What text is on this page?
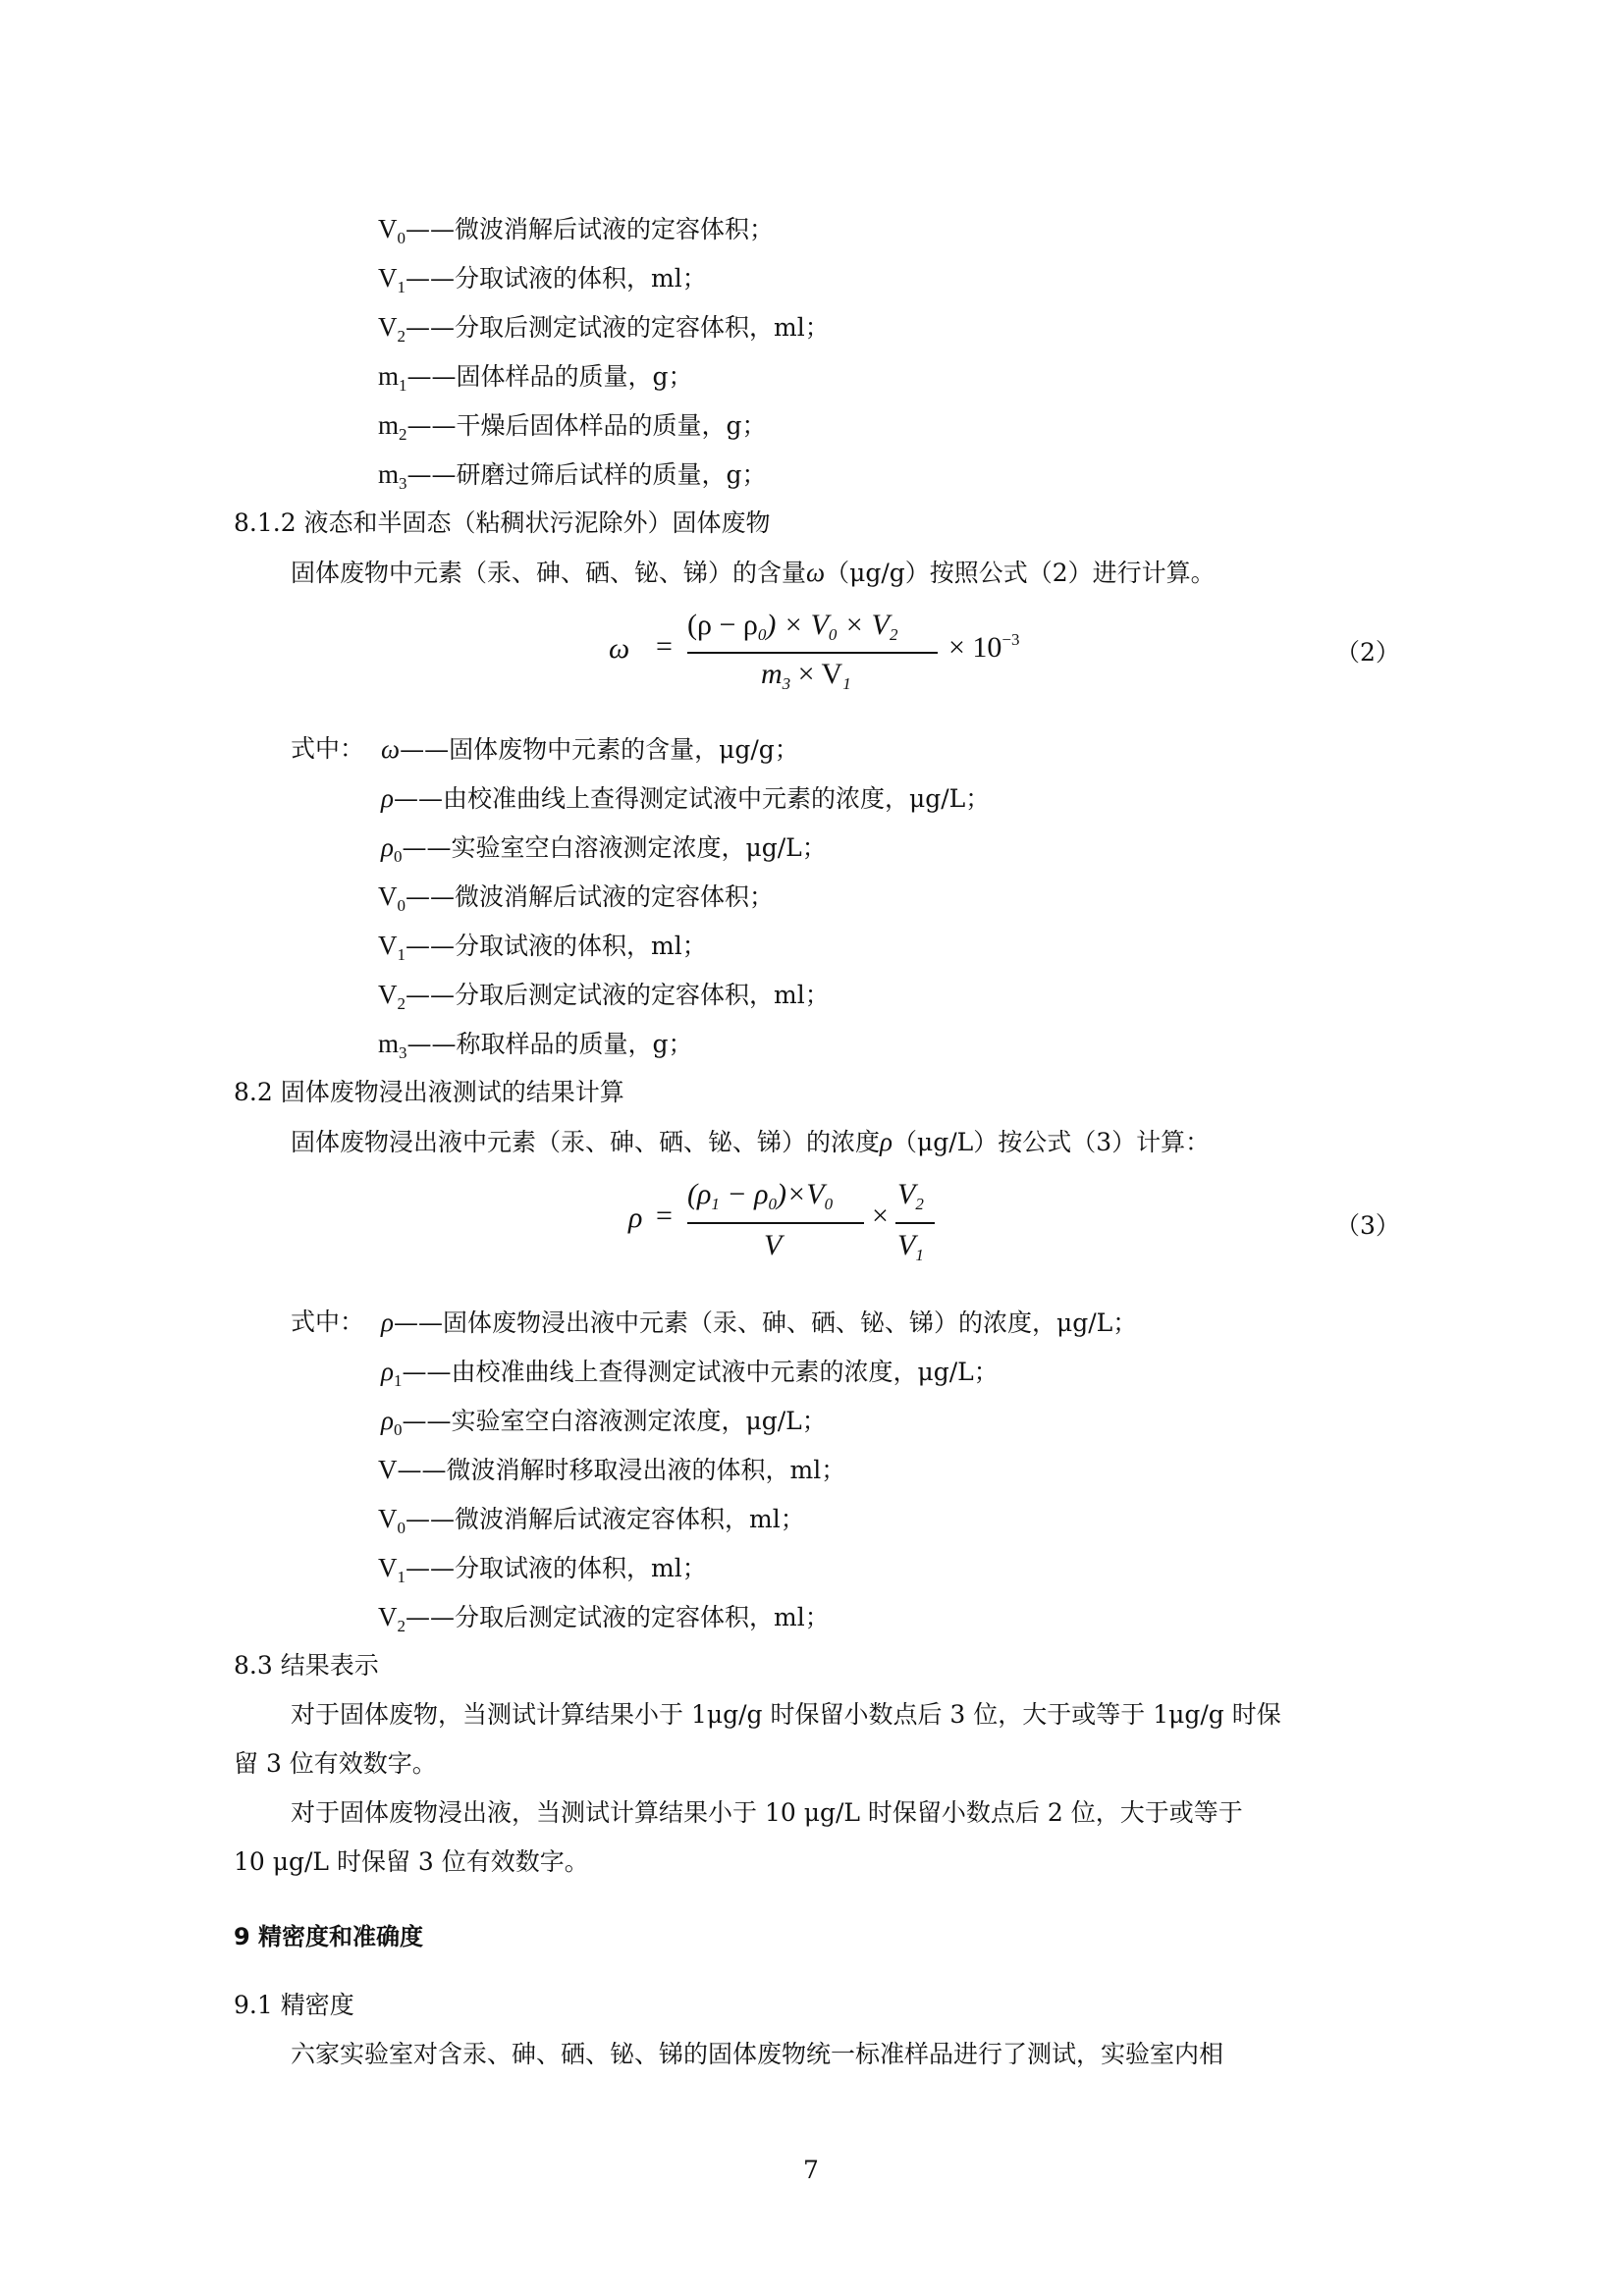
$V_0——$微波消解后试液的定容体积；
$V_1——$分取试液的体积，ml；
$V_2——$分取后测定试液的定容体积，ml；
$m_1——$固体样品的质量，g；
$m_2——$干燥后固体样品的质量，g；
$m_3——$研磨过筛后试样的质量，g；
8.1.2 液态和半固态（粘稠状污泥除外）固体废物
固体废物中元素（汞、砷、硒、铋、锑）的含量ω（μg/g）按照公式（2）进行计算。
ω =
$(\rho - \rho_0) \times V_0 \times V_2$
$m_3 \times V_1$
× $10^{-3}$	（2）
式中： ω——固体废物中元素的含量，μg/g；
ρ——由校准曲线上查得测定试液中元素的浓度，μg/L；
$\rho_0——$实验室空白溶液测定浓度，μg/L；
$V_0——$微波消解后试液的定容体积；
$V_1——$分取试液的体积，ml；
$V_2——$分取后测定试液的定容体积，ml；
$m_3——$称取样品的质量，g；
8.2 固体废物浸出液测试的结果计算
固体废物浸出液中元素（汞、砷、硒、铋、锑）的浓度ρ（μg/L）按公式（3）计算：
ρ =
$(\rho_1 - \rho_0)\times V_0$
V
×
$V_2$
$V_1$
（3）
式中： ρ——固体废物浸出液中元素（汞、砷、硒、铋、锑）的浓度，μg/L；
$\rho_1——$由校准曲线上查得测定试液中元素的浓度，μg/L；
$\rho_0——$实验室空白溶液测定浓度，μg/L；
V——微波消解时移取浸出液的体积，ml；
$V_0——$微波消解后试液定容体积，ml；
$V_1——$分取试液的体积，ml；
$V_2——$分取后测定试液的定容体积，ml；
8.3 结果表示
对于固体废物，当测试计算结果小于 1μg/g 时保留小数点后 3 位，大于或等于 1μg/g 时保
留 3 位有效数字。
对于固体废物浸出液，当测试计算结果小于 10 μg/L 时保留小数点后 2 位，大于或等于
10 μg/L 时保留 3 位有效数字。
9 精密度和准确度
9.1 精密度
六家实验室对含汞、砷、硒、铋、锑的固体废物统一标准样品进行了测试，实验室内相
7
